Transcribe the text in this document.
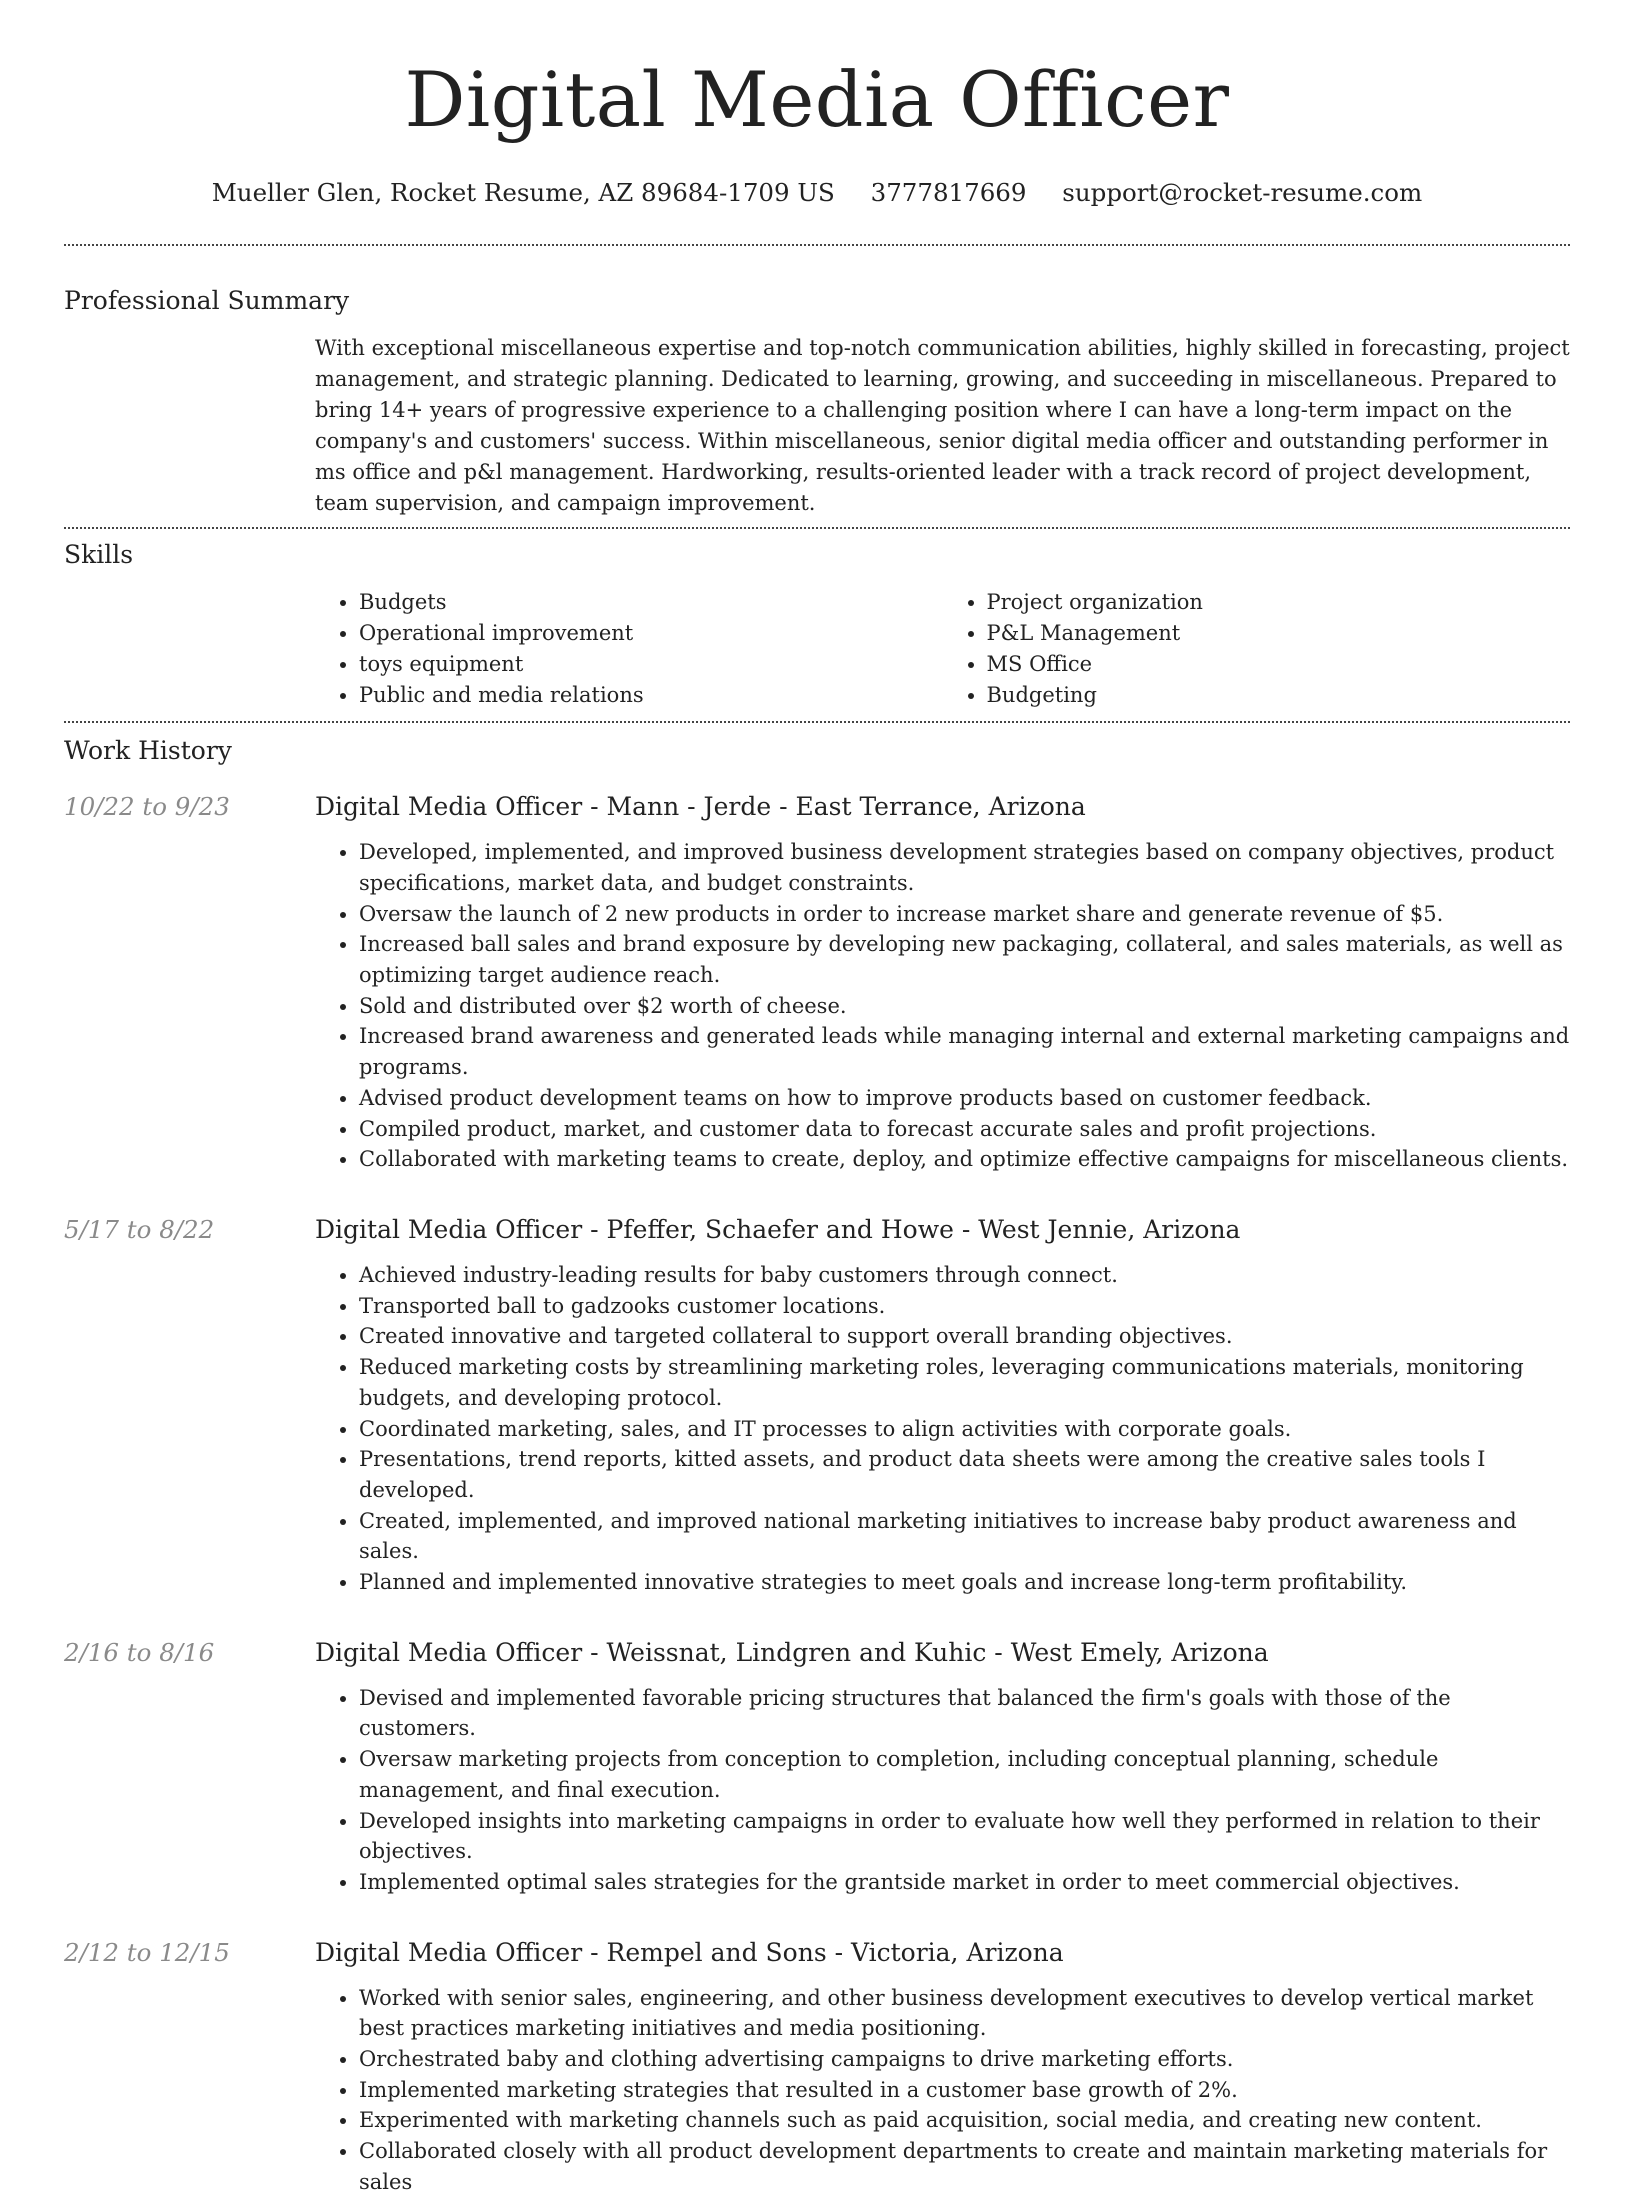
Digital Media Officer
Mueller Glen, Rocket Resume, AZ 89684-1709 US 3777817669 support@rocket-resume.com
Professional Summary
With exceptional miscellaneous expertise and top-notch communication abilities, highly skilled in forecasting, project management, and strategic planning. Dedicated to learning, growing, and succeeding in miscellaneous. Prepared to bring 14+ years of progressive experience to a challenging position where I can have a long-term impact on the company's and customers' success. Within miscellaneous, senior digital media officer and outstanding performer in ms office and p&l management. Hardworking, results-oriented leader with a track record of project development, team supervision, and campaign improvement.
Skills
• Budgets
• Operational improvement
• toys equipment
• Public and media relations
• Project organization
• P&L Management
• MS Office
• Budgeting
Work History
10/22 to 9/23	Digital Media Officer - Mann - Jerde - East Terrance, Arizona
• Developed, implemented, and improved business development strategies based on company objectives, product specifications, market data, and budget constraints.
• Oversaw the launch of 2 new products in order to increase market share and generate revenue of $5.
• Increased ball sales and brand exposure by developing new packaging, collateral, and sales materials, as well as optimizing target audience reach.
• Sold and distributed over $2 worth of cheese.
• Increased brand awareness and generated leads while managing internal and external marketing campaigns and programs.
• Advised product development teams on how to improve products based on customer feedback.
• Compiled product, market, and customer data to forecast accurate sales and profit projections.
• Collaborated with marketing teams to create, deploy, and optimize effective campaigns for miscellaneous clients.
5/17 to 8/22	Digital Media Officer - Pfeffer, Schaefer and Howe - West Jennie, Arizona
• Achieved industry-leading results for baby customers through connect.
• Transported ball to gadzooks customer locations.
• Created innovative and targeted collateral to support overall branding objectives.
• Reduced marketing costs by streamlining marketing roles, leveraging communications materials, monitoring budgets, and developing protocol.
• Coordinated marketing, sales, and IT processes to align activities with corporate goals.
• Presentations, trend reports, kitted assets, and product data sheets were among the creative sales tools I developed.
• Created, implemented, and improved national marketing initiatives to increase baby product awareness and sales.
• Planned and implemented innovative strategies to meet goals and increase long-term profitability.
2/16 to 8/16	Digital Media Officer - Weissnat, Lindgren and Kuhic - West Emely, Arizona
• Devised and implemented favorable pricing structures that balanced the firm's goals with those of the customers.
• Oversaw marketing projects from conception to completion, including conceptual planning, schedule management, and final execution.
• Developed insights into marketing campaigns in order to evaluate how well they performed in relation to their objectives.
• Implemented optimal sales strategies for the grantside market in order to meet commercial objectives.
2/12 to 12/15	Digital Media Officer - Rempel and Sons - Victoria, Arizona
• Worked with senior sales, engineering, and other business development executives to develop vertical market best practices marketing initiatives and media positioning.
• Orchestrated baby and clothing advertising campaigns to drive marketing efforts.
• Implemented marketing strategies that resulted in a customer base growth of 2%.
• Experimented with marketing channels such as paid acquisition, social media, and creating new content.
• Collaborated closely with all product development departments to create and maintain marketing materials for sales
